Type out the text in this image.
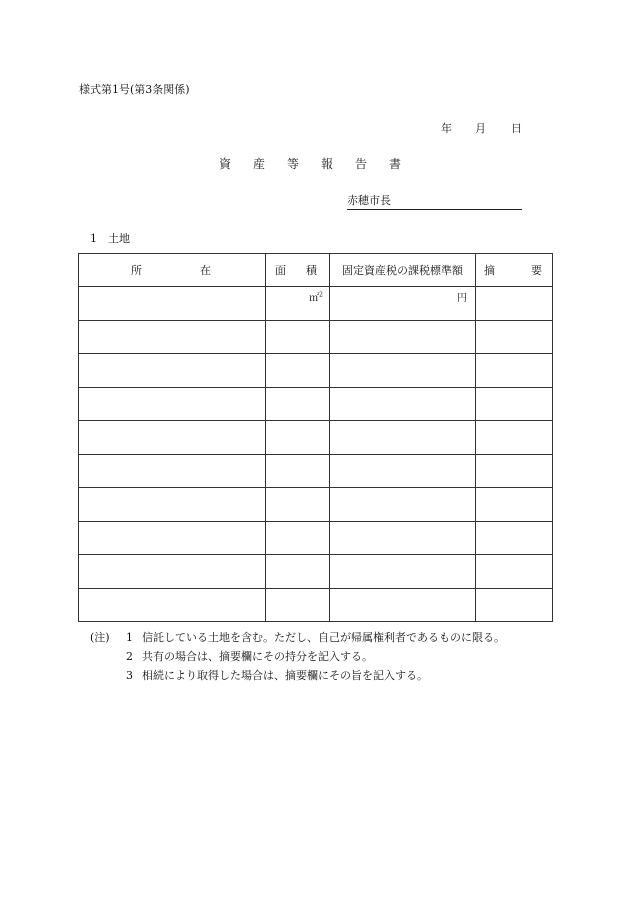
様式第1号(第3条関係)
年 月 日
資 産 等 報 告 書
赤穂市長
1 土地
所 在	面 積	固定資産税の課税標準額	摘 要

	㎡$^2$	円	

(注) 1 信託している土地を含む。ただし、自己が帰属権利者であるものに限る。
2 共有の場合は、摘要欄にその持分を記入する。
3 相続により取得した場合は、摘要欄にその旨を記入する。
